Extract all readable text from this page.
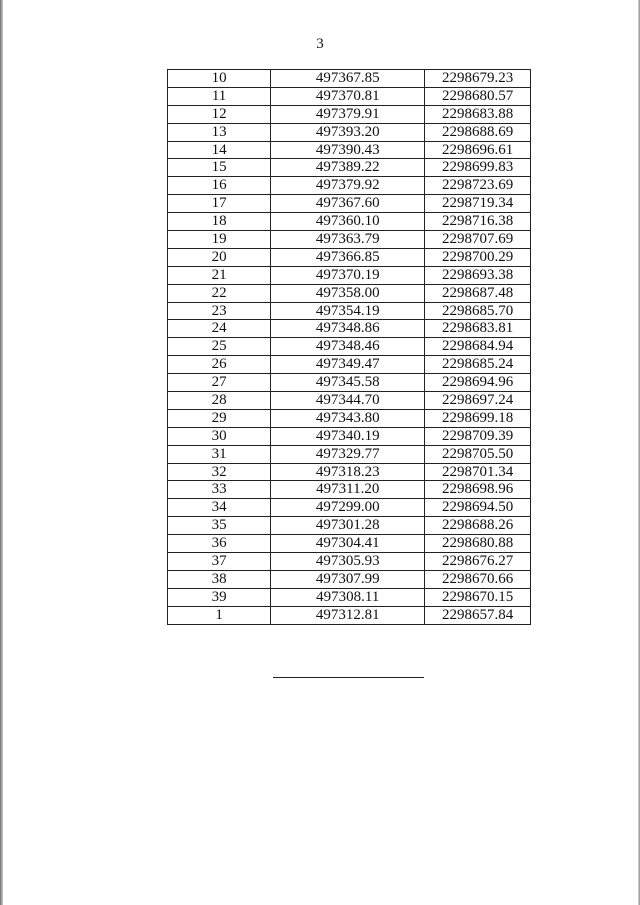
3
10	497367.85	2298679.23
11	497370.81	2298680.57
12	497379.91	2298683.88
13	497393.20	2298688.69
14	497390.43	2298696.61
15	497389.22	2298699.83
16	497379.92	2298723.69
17	497367.60	2298719.34
18	497360.10	2298716.38
19	497363.79	2298707.69
20	497366.85	2298700.29
21	497370.19	2298693.38
22	497358.00	2298687.48
23	497354.19	2298685.70
24	497348.86	2298683.81
25	497348.46	2298684.94
26	497349.47	2298685.24
27	497345.58	2298694.96
28	497344.70	2298697.24
29	497343.80	2298699.18
30	497340.19	2298709.39
31	497329.77	2298705.50
32	497318.23	2298701.34
33	497311.20	2298698.96
34	497299.00	2298694.50
35	497301.28	2298688.26
36	497304.41	2298680.88
37	497305.93	2298676.27
38	497307.99	2298670.66
39	497308.11	2298670.15
1	497312.81	2298657.84
